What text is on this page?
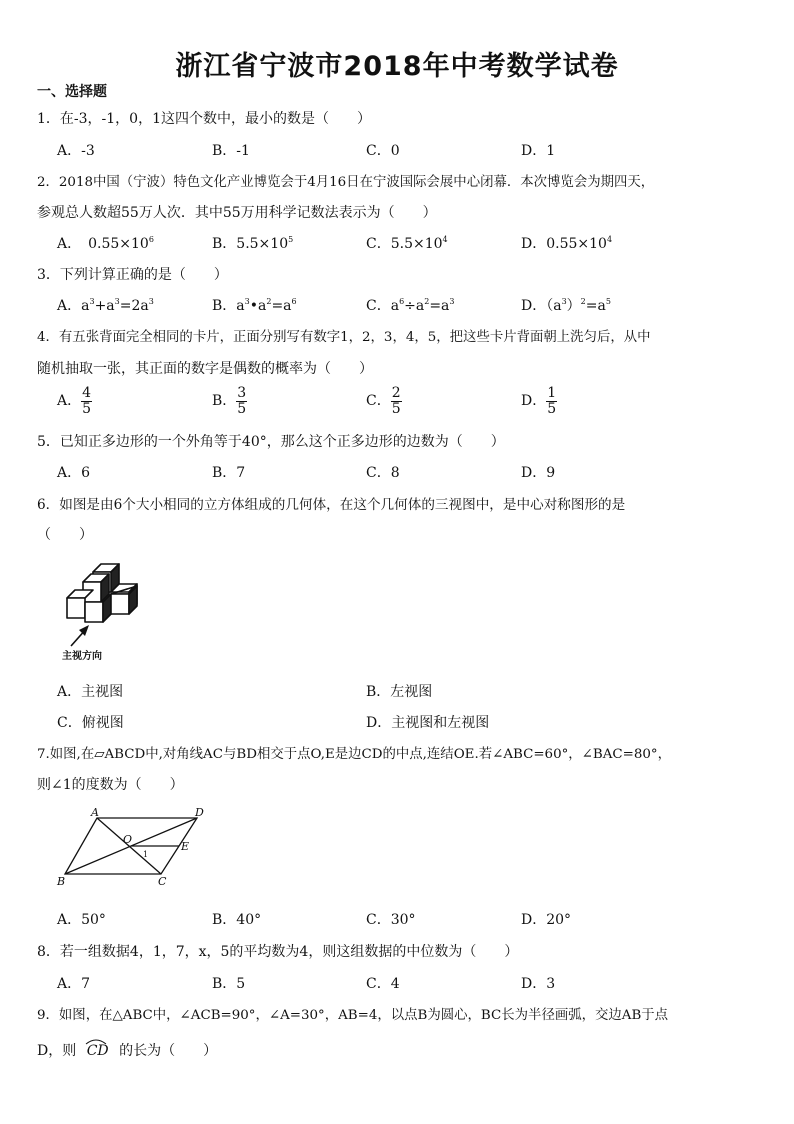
浙江省宁波市2018年中考数学试卷
一、选择题
1．在-3，-1，0，1这四个数中，最小的数是（　　）
A．-3	B．-1	C．0	D．1
2．2018中国（宁波）特色文化产业博览会于4月16日在宁波国际会展中心闭幕．本次博览会为期四天，
参观总人数超55万人次．其中55万用科学记数法表示为（　　）
A．　$0.55\times 10^6$	B．$5.5\times 10^5$	C．$5.5\times 10^4$	D．$0.55\times 10^4$
3．下列计算正确的是（　　）
A．$a^3+a^3=2a^3$	B．$a^3•a^2=a^6$	C．$a^6\div a^2=a^3$	D．$(a^3)^2=a^5$
4．有五张背面完全相同的卡片，正面分别写有数字1，2，3，4，5，把这些卡片背面朝上洗匀后，从中
随机抽取一张，其正面的数字是偶数的概率为（　　）
A． $\frac{4}{5}$	B． $\frac{3}{5}$	C． $\frac{2}{5}$	D． $\frac{1}{5}$
5．已知正多边形的一个外角等于40°，那么这个正多边形的边数为（　　）
A．6	B．7	C．8	D．9
6．如图是由6个大小相同的立方体组成的几何体，在这个几何体的三视图中，是中心对称图形的是
（　　）
主视方向
A．主视图	B．左视图
C．俯视图	D．主视图和左视图
7.如图,在▱ABCD中,对角线AC与BD相交于点O,E是边CD的中点,连结OE.若∠ABC=60°，∠BAC=80°，
则∠1的度数为（　　）
A	D
B	C
O
E
1
A．50°	B．40°	C．30°	D．20°
8．若一组数据4，1，7，x，5的平均数为4，则这组数据的中位数为（　　）
A．7	B．5	C．4	D．3
9．如图，在△ABC中，∠ACB=90°，∠A=30°，AB=4，以点B为圆心，BC长为半径画弧，交边AB于点
D，则 CD 的长为（　　）
